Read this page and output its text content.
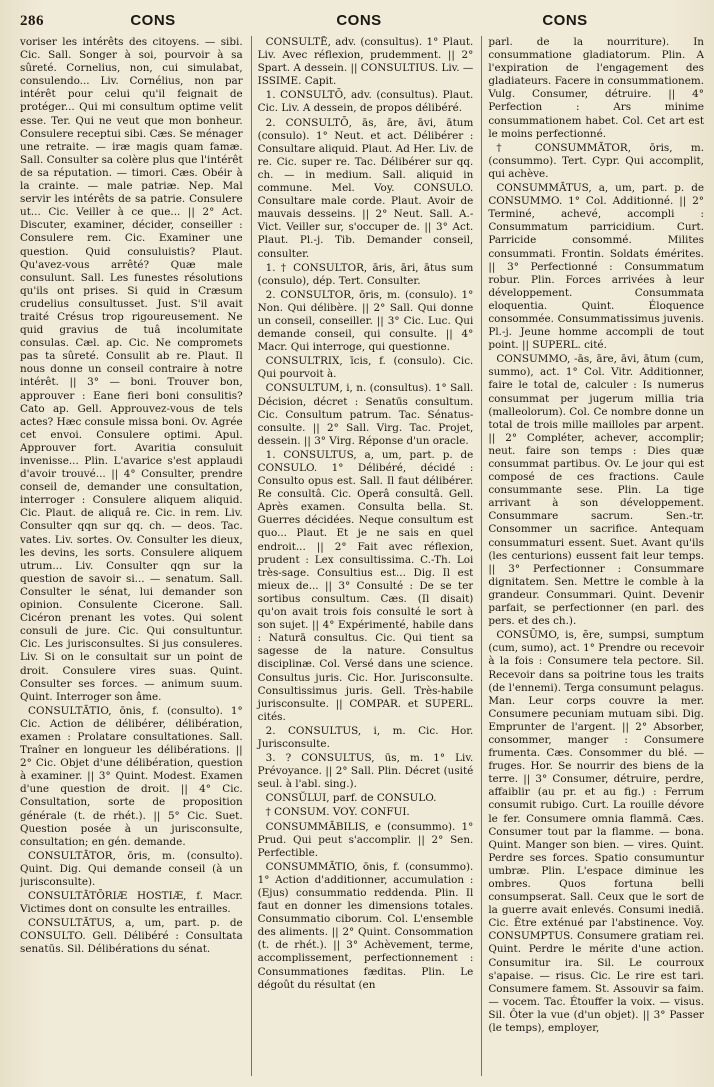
286	CONS	CONS	CONS

voriser les intérêts des citoyens. — sibi. Cic. Sall. Songer à soi, pourvoir à sa sûreté. Cornelius, non, cui simulabat, consulendo... Liv. Cornélius, non par intérêt pour celui qu'il feignait de protéger... Qui mi consultum optime velit esse. Ter. Qui ne veut que mon bonheur. Consulere receptui sibi. Cæs. Se ménager une retraite. — iræ magis quam famæ. Sall. Consulter sa colère plus que l'intérêt de sa réputation. — timori. Cæs. Obéir à la crainte. — male patriæ. Nep. Mal servir les intérêts de sa patrie. Consulere ut... Cic. Veiller à ce que... || 2° Act. Discuter, examiner, décider, conseiller : Consulere rem. Cic. Examiner une question. Quid consuluistis? Plaut. Qu'avez-vous arrêté? Quæ male consulunt. Sall. Les funestes résolutions qu'ils ont prises. Si quid in Cræsum crudelius consultusset. Just. S'il avait traité Crésus trop rigoureusement. Ne quid gravius de tuâ incolumitate consulas. Cæl. ap. Cic. Ne compromets pas ta sûreté. Consulit ab re. Plaut. Il nous donne un conseil contraire à notre intérêt. || 3° — boni. Trouver bon, approuver : Eane fieri boni consulitis? Cato ap. Gell. Approuvez-vous de tels actes? Hæc consule missa boni. Ov. Agrée cet envoi. Consulere optimi. Apul. Approuver fort. Avaritia consuluit invenisse... Plin. L'avarice s'est applaudi d'avoir trouvé... || 4° Consulter, prendre conseil de, demander une consultation, interroger : Consulere aliquem aliquid. Cic. Plaut. de aliquâ re. Cic. in rem. Liv. Consulter qqn sur qq. ch. — deos. Tac. vates. Liv. sortes. Ov. Consulter les dieux, les devins, les sorts. Consulere aliquem utrum... Liv. Consulter qqn sur la question de savoir si... — senatum. Sall. Consulter le sénat, lui demander son opinion. Consulente Cicerone. Sall. Cicéron prenant les votes. Qui solent consuli de jure. Cic. Qui consultuntur. Cic. Les jurisconsultes. Si jus consuleres. Liv. Si on le consultait sur un point de droit. Consulere vires suas. Quint. Consulter ses forces. — animum suum. Quint. Interroger son âme.

CONSULTĀTIO, ōnis, f. (consulto). 1° Cic. Action de délibérer, délibération, examen : Prolatare consultationes. Sall. Traîner en longueur les délibérations. || 2° Cic. Objet d'une délibération, question à examiner. || 3° Quint. Modest. Examen d'une question de droit. || 4° Cic. Consultation, sorte de proposition générale (t. de rhét.). || 5° Cic. Suet. Question posée à un jurisconsulte, consultation; en gén. demande.

CONSULTĀTOR, ōris, m. (consulto). Quint. Dig. Qui demande conseil (à un jurisconsulte).

CONSULTĀTŌRIÆ HOSTIÆ, f. Macr. Victimes dont on consulte les entrailles.

CONSULTĀTUS, a, um, part. p. de CONSULTO. Gell. Délibéré : Consultata senatūs. Sil. Délibérations du sénat.

CONSULTĒ, adv. (consultus). 1° Plaut. Liv. Avec réflexion, prudemment. || 2° Spart. A dessein. || CONSULTIUS. Liv. — ISSIME. Capit.

1. CONSULTŌ, adv. (consultus). Plaut. Cic. Liv. A dessein, de propos délibéré.

2. CONSULTŌ, ās, āre, āvi, ātum (consulo). 1° Neut. et act. Délibérer : Consultare aliquid. Plaut. Ad Her. Liv. de re. Cic. super re. Tac. Délibérer sur qq. ch. — in medium. Sall. aliquid in commune. Mel. Voy. CONSULO. Consultare male corde. Plaut. Avoir de mauvais desseins. || 2° Neut. Sall. A.-Vict. Veiller sur, s'occuper de. || 3° Act. Plaut. Pl.-j. Tib. Demander conseil, consulter.

1. † CONSULTOR, āris, āri, ātus sum (consulo), dép. Tert. Consulter.

2. CONSULTOR, ōris, m. (consulo). 1° Non. Qui délibère. || 2° Sall. Qui donne un conseil, conseiller. || 3° Cic. Luc. Qui demande conseil, qui consulte. || 4° Macr. Qui interroge, qui questionne.

CONSULTRIX, īcis, f. (consulo). Cic. Qui pourvoit à.

CONSULTUM, i, n. (consultus). 1° Sall. Décision, décret : Senatūs consultum. Cic. Consultum patrum. Tac. Sénatus-consulte. || 2° Sall. Virg. Tac. Projet, dessein. || 3° Virg. Réponse d'un oracle.

1. CONSULTUS, a, um, part. p. de CONSULO. 1° Délibéré, décidé : Consulto opus est. Sall. Il faut délibérer. Re consultâ. Cic. Operâ consultâ. Gell. Après examen. Consulta bella. St. Guerres décidées. Neque consultum est quo... Plaut. Et je ne sais en quel endroit... || 2° Fait avec réflexion, prudent : Lex consultissima. C.-Th. Loi très-sage. Consultius est... Dig. Il est mieux de... || 3° Consulté : De se ter sortibus consultum. Cæs. (Il disait) qu'on avait trois fois consulté le sort à son sujet. || 4° Expérimenté, habile dans : Naturā consultus. Cic. Qui tient sa sagesse de la nature. Consultus disciplinæ. Col. Versé dans une science. Consultus juris. Cic. Hor. Jurisconsulte. Consultissimus juris. Gell. Très-habile jurisconsulte. || COMPAR. et SUPERL. cités.

2. CONSULTUS, i, m. Cic. Hor. Jurisconsulte.

3. ? CONSULTUS, ūs, m. 1° Liv. Prévoyance. || 2° Sall. Plin. Décret (usité seul. à l'abl. sing.).

CONSŬLUI, parf. de CONSULO.

† CONSUM. VOY. CONFUI.

CONSUMMĀBILIS, e (consummo). 1° Prud. Qui peut s'accomplir. || 2° Sen. Perfectible.

CONSUMMĀTIO, ōnis, f. (consummo). 1° Action d'additionner, accumulation : (Ejus) consummatio reddenda. Plin. Il faut en donner les dimensions totales. Consummatio ciborum. Col. L'ensemble des aliments. || 2° Quint. Consommation (t. de rhét.). || 3° Achèvement, terme, accomplissement, perfectionnement : Consummationes fæditas. Plin. Le dégoût du résultat (en

parl. de la nourriture). In consummatione gladiatorum. Plin. A l'expiration de l'engagement des gladiateurs. Facere in consummationem. Vulg. Consumer, détruire. || 4° Perfection : Ars minime consummationem habet. Col. Cet art est le moins perfectionné.

† CONSUMMĀTOR, ōris, m. (consummo). Tert. Cypr. Qui accomplit, qui achève.

CONSUMMĀTUS, a, um, part. p. de CONSUMMO. 1° Col. Additionné. || 2° Terminé, achevé, accompli : Consummatum parricidium. Curt. Parricide consommé. Milites consummati. Frontin. Soldats émérites. || 3° Perfectionné : Consummatum robur. Plin. Forces arrivées à leur développement. Consummata eloquentia. Quint. Éloquence consommée. Consummatissimus juvenis. Pl.-j. Jeune homme accompli de tout point. || SUPERL. cité.

CONSUMMO, -ās, āre, āvi, ātum (cum, summo), act. 1° Col. Vitr. Additionner, faire le total de, calculer : Is numerus consummat per jugerum millia tria (malleolorum). Col. Ce nombre donne un total de trois mille mailloles par arpent. || 2° Compléter, achever, accomplir; neut. faire son temps : Dies quæ consummat partibus. Ov. Le jour qui est composé de ces fractions. Caule consummante sese. Plin. La tige arrivant à son développement. Consummare sacrum. Sen.-tr. Consommer un sacrifice. Antequam consummaturi essent. Suet. Avant qu'ils (les centurions) eussent fait leur temps. || 3° Perfectionner : Consummare dignitatem. Sen. Mettre le comble à la grandeur. Consummari. Quint. Devenir parfait, se perfectionner (en parl. des pers. et des ch.).

CONSŪMO, is, ĕre, sumpsi, sumptum (cum, sumo), act. 1° Prendre ou recevoir à la fois : Consumere tela pectore. Sil. Recevoir dans sa poitrine tous les traits (de l'ennemi). Terga consumunt pelagus. Man. Leur corps couvre la mer. Consumere pecuniam mutuam sibi. Dig. Emprunter de l'argent. || 2° Absorber, consommer, manger : Consumere frumenta. Cæs. Consommer du blé. — fruges. Hor. Se nourrir des biens de la terre. || 3° Consumer, détruire, perdre, affaiblir (au pr. et au fig.) : Ferrum consumit rubigo. Curt. La rouille dévore le fer. Consumere omnia flammā. Cæs. Consumer tout par la flamme. — bona. Quint. Manger son bien. — vires. Quint. Perdre ses forces. Spatio consumuntur umbræ. Plin. L'espace diminue les ombres. Quos fortuna belli consumpserat. Sall. Ceux que le sort de la guerre avait enlevés. Consumi inediā. Cic. Être exténué par l'abstinence. Voy. CONSUMPTUS. Consumere gratiam rei. Quint. Perdre le mérite d'une action. Consumitur ira. Sil. Le courroux s'apaise. — risus. Cic. Le rire est tari. Consumere famem. St. Assouvir sa faim. — vocem. Tac. Étouffer la voix. — visus. Sil. Ôter la vue (d'un objet). || 3° Passer (le temps), employer,
